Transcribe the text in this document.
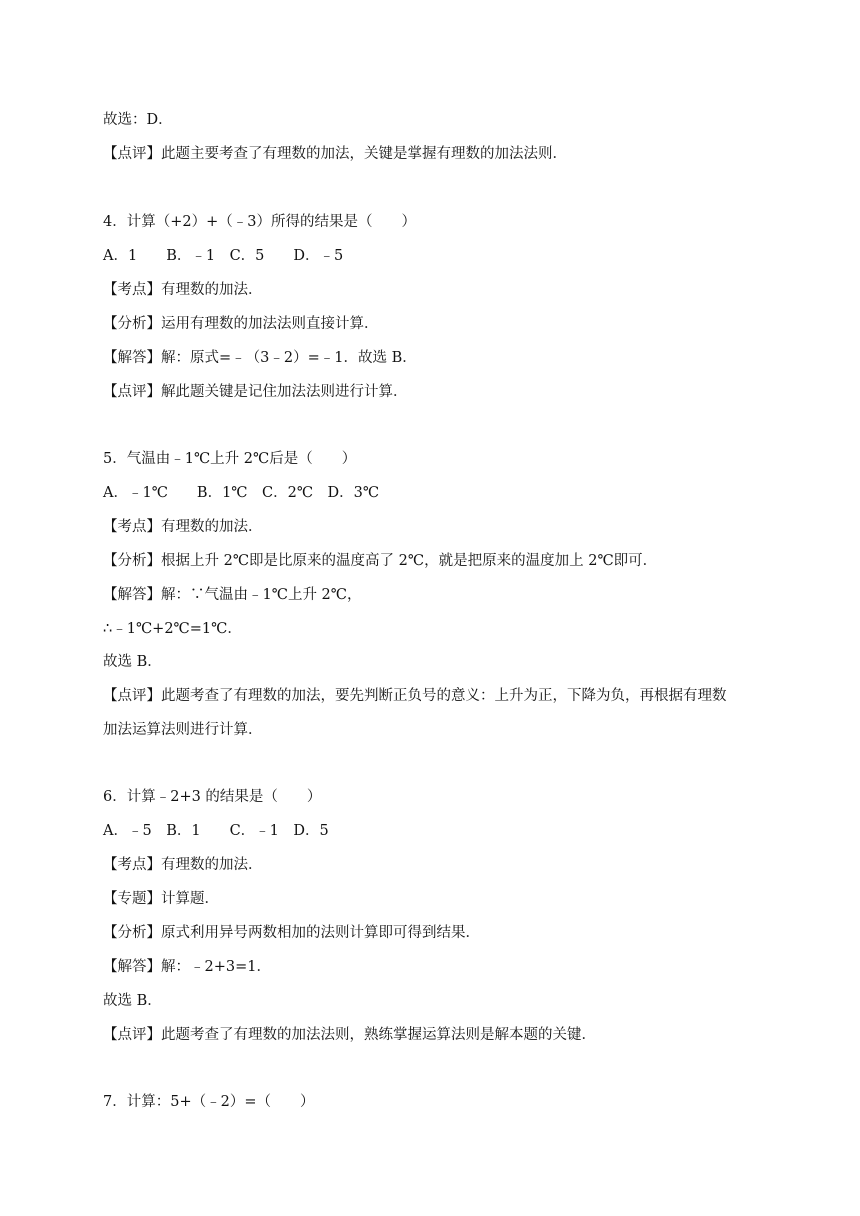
故选：D．
【点评】此题主要考查了有理数的加法，关键是掌握有理数的加法法则．
4．计算（+2）+（﹣3）所得的结果是（　　）
A．1　　B．﹣1　C．5　　D．﹣5
【考点】有理数的加法．
【分析】运用有理数的加法法则直接计算．
【解答】解：原式=﹣（3﹣2）=﹣1．故选 B．
【点评】解此题关键是记住加法法则进行计算．
5．气温由﹣1℃上升 2℃后是（　　）
A．﹣1℃　　B．1℃　C．2℃　D．3℃
【考点】有理数的加法．
【分析】根据上升 2℃即是比原来的温度高了 2℃，就是把原来的温度加上 2℃即可．
【解答】解：∵气温由﹣1℃上升 2℃，
∴﹣1℃+2℃=1℃．
故选 B．
【点评】此题考查了有理数的加法，要先判断正负号的意义：上升为正，下降为负，再根据有理数
加法运算法则进行计算．
6．计算﹣2+3 的结果是（　　）
A．﹣5　B．1　　C．﹣1　D．5
【考点】有理数的加法．
【专题】计算题．
【分析】原式利用异号两数相加的法则计算即可得到结果．
【解答】解：﹣2+3=1．
故选 B．
【点评】此题考查了有理数的加法法则，熟练掌握运算法则是解本题的关键．
7．计算：5+（﹣2）=（　　）
